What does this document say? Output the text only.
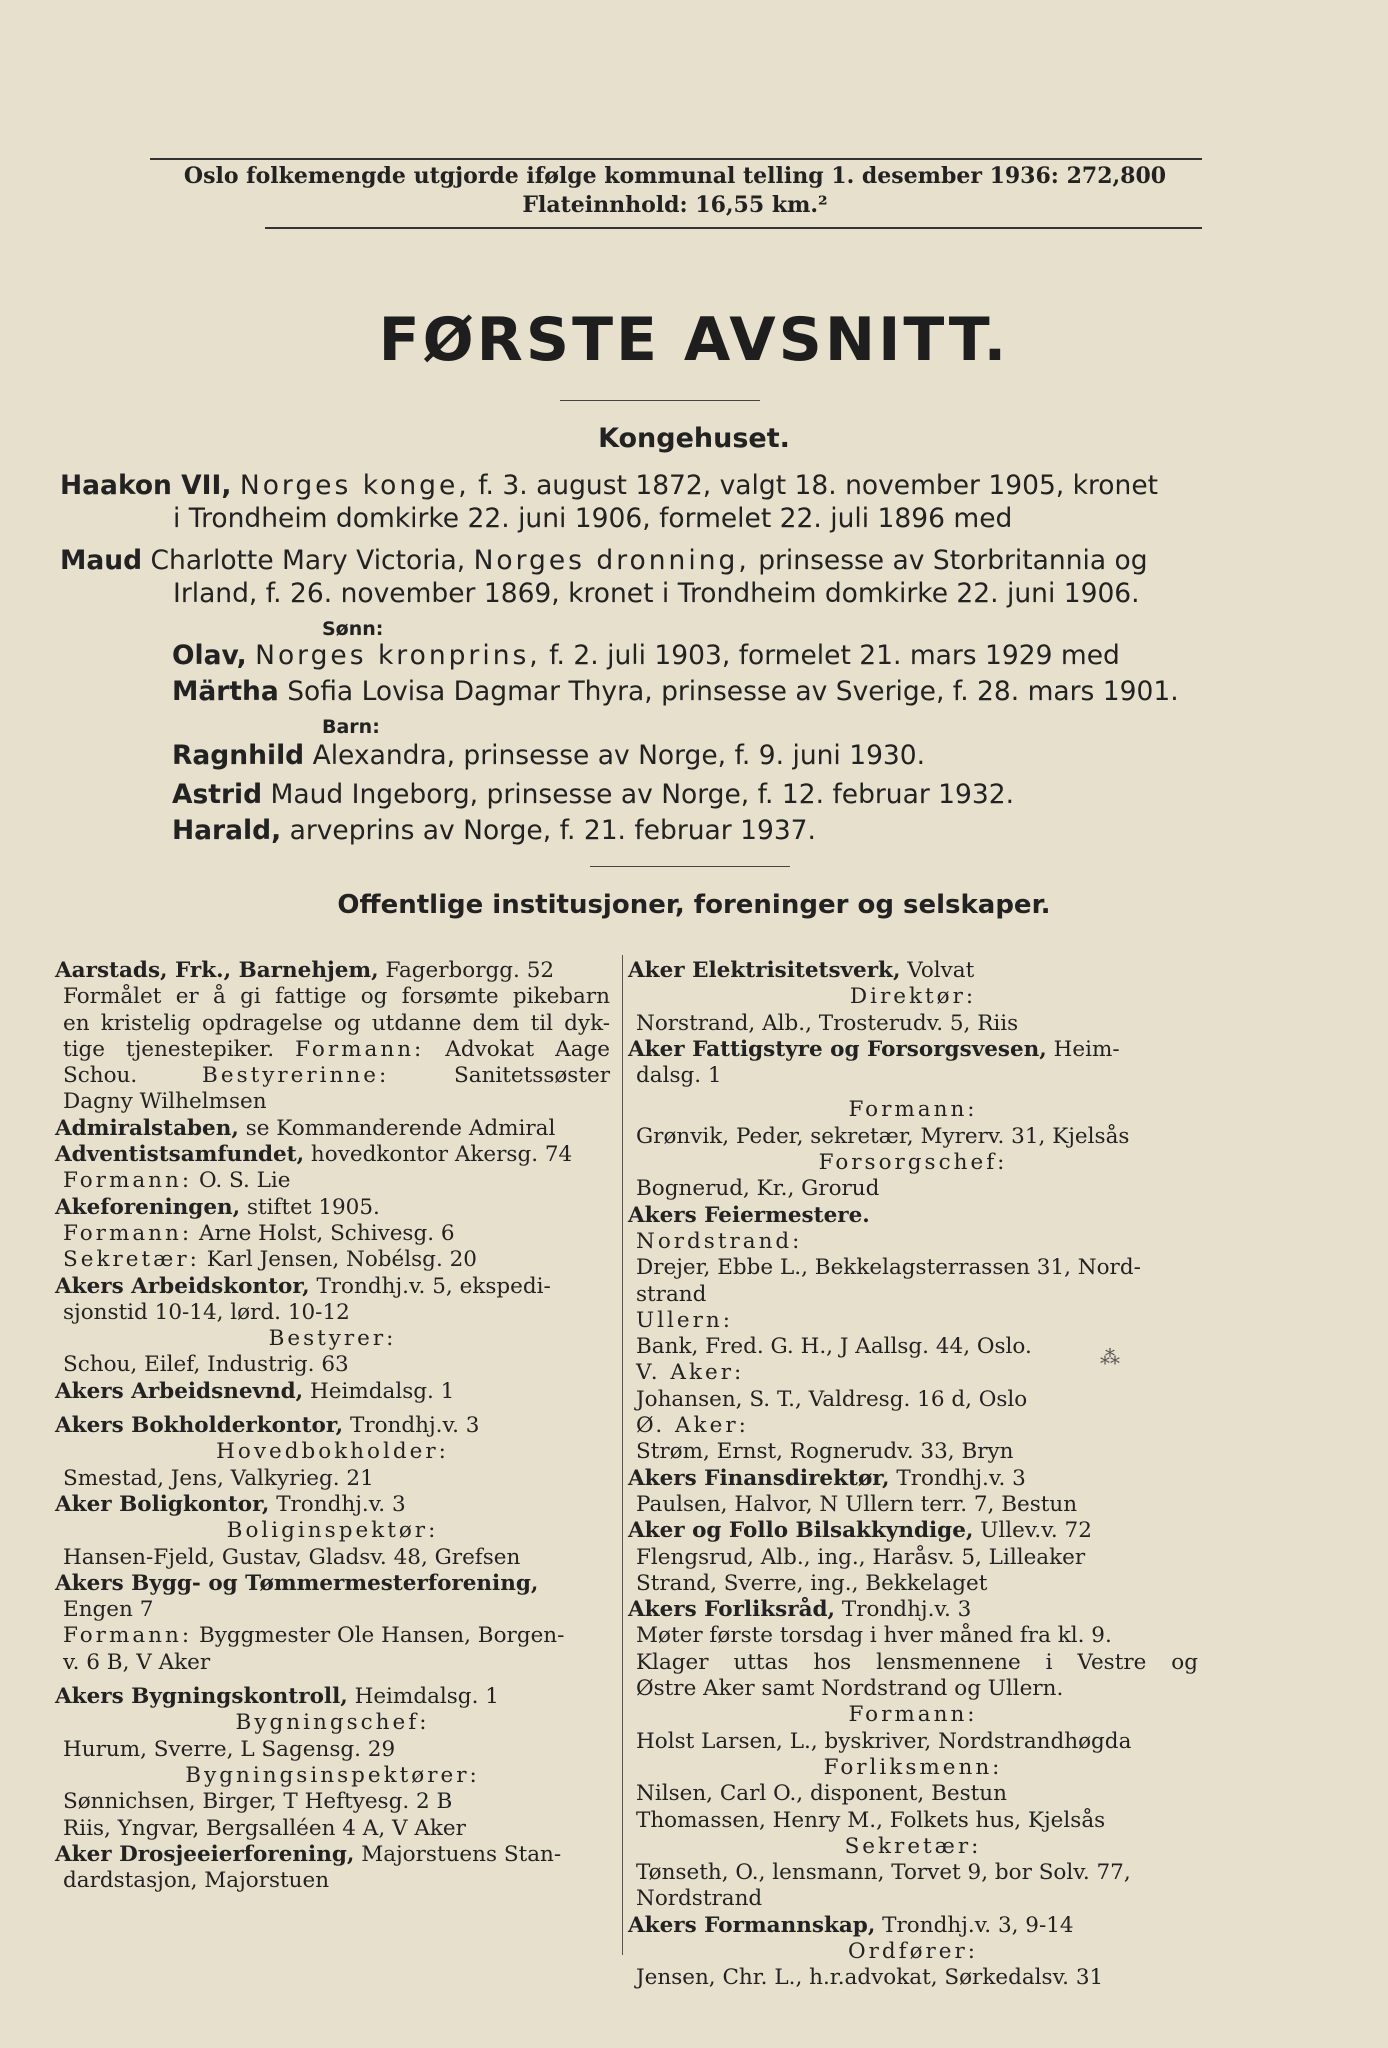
Oslo folkemengde utgjorde ifølge kommunal telling 1. desember 1936: 272,800
Flateinnhold: 16,55 km.²
FØRSTE AVSNITT.
Kongehuset.
Haakon VII, Norges konge, f. 3. august 1872, valgt 18. november 1905, kronet
i Trondheim domkirke 22. juni 1906, formelet 22. juli 1896 med
Maud Charlotte Mary Victoria, Norges dronning, prinsesse av Storbritannia og
Irland, f. 26. november 1869, kronet i Trondheim domkirke 22. juni 1906.
Sønn:
Olav, Norges kronprins, f. 2. juli 1903, formelet 21. mars 1929 med
Märtha Sofia Lovisa Dagmar Thyra, prinsesse av Sverige, f. 28. mars 1901.
Barn:
Ragnhild Alexandra, prinsesse av Norge, f. 9. juni 1930.
Astrid Maud Ingeborg, prinsesse av Norge, f. 12. februar 1932.
Harald, arveprins av Norge, f. 21. februar 1937.
Offentlige institusjoner, foreninger og selskaper.
Aarstads, Frk., Barnehjem, Fagerborgg. 52
Formålet er å gi fattige og forsømte pikebarn
en kristelig opdragelse og utdanne dem til dyk-
tige tjenestepiker. Formann: Advokat Aage
Schou.	Bestyrerinne:	Sanitetssøster
Dagny Wilhelmsen
Admiralstaben, se Kommanderende Admiral
Adventistsamfundet, hovedkontor Akersg. 74
Formann: O. S. Lie
Akeforeningen, stiftet 1905.
Formann: Arne Holst, Schivesg. 6
Sekretær: Karl Jensen, Nobélsg. 20
Akers Arbeidskontor, Trondhj.v. 5, ekspedi-
sjonstid 10-14, lørd. 10-12
Bestyrer:
Schou, Eilef, Industrig. 63
Akers Arbeidsnevnd, Heimdalsg. 1
Akers Bokholderkontor, Trondhj.v. 3
Hovedbokholder:
Smestad, Jens, Valkyrieg. 21
Aker Boligkontor, Trondhj.v. 3
Boliginspektør:
Hansen-Fjeld, Gustav, Gladsv. 48, Grefsen
Akers Bygg- og Tømmermesterforening,
Engen 7
Formann: Byggmester Ole Hansen, Borgen-
v. 6 B, V Aker
Akers Bygningskontroll, Heimdalsg. 1
Bygningschef:
Hurum, Sverre, L Sagensg. 29
Bygningsinspektører:
Sønnichsen, Birger, T Heftyesg. 2 B
Riis, Yngvar, Bergsalléen 4 A, V Aker
Aker Drosjeeierforening, Majorstuens Stan-
dardstasjon, Majorstuen
Aker Elektrisitetsverk, Volvat
Direktør:
Norstrand, Alb., Trosterudv. 5, Riis
Aker Fattigstyre og Forsorgsvesen, Heim-
dalsg. 1
Formann:
Grønvik, Peder, sekretær, Myrerv. 31, Kjelsås
Forsorgschef:
Bognerud, Kr., Grorud
Akers Feiermestere.
Nordstrand:
Drejer, Ebbe L., Bekkelagsterrassen 31, Nord-
strand
Ullern:
Bank, Fred. G. H., J Aallsg. 44, Oslo.
V. Aker:
Johansen, S. T., Valdresg. 16 d, Oslo
Ø. Aker:
Strøm, Ernst, Rognerudv. 33, Bryn
Akers Finansdirektør, Trondhj.v. 3
Paulsen, Halvor, N Ullern terr. 7, Bestun
Aker og Follo Bilsakkyndige, Ullev.v. 72
Flengsrud, Alb., ing., Haråsv. 5, Lilleaker
Strand, Sverre, ing., Bekkelaget
Akers Forliksråd, Trondhj.v. 3
Møter første torsdag i hver måned fra kl. 9.
Klager uttas hos lensmennene i Vestre og
Østre Aker samt Nordstrand og Ullern.
Formann:
Holst Larsen, L., byskriver, Nordstrandhøgda
Forliksmenn:
Nilsen, Carl O., disponent, Bestun
Thomassen, Henry M., Folkets hus, Kjelsås
Sekretær:
Tønseth, O., lensmann, Torvet 9, bor Solv. 77,
Nordstrand
Akers Formannskap, Trondhj.v. 3, 9-14
Ordfører:
Jensen, Chr. L., h.r.advokat, Sørkedalsv. 31
⁂
